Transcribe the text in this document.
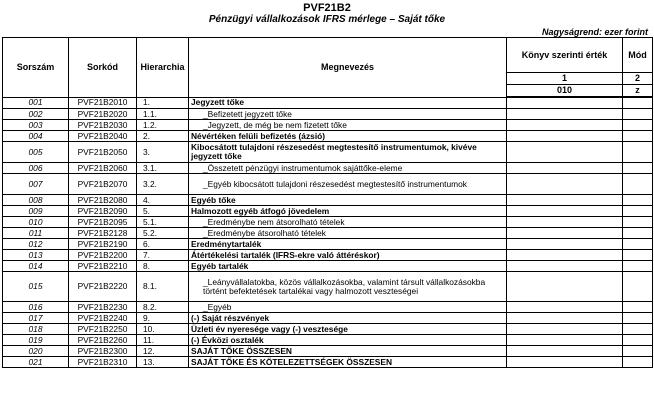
PVF21B2
Pénzügyi vállalkozások IFRS mérlege – Saját tőke
Nagyságrend: ezer forint
Sorszám	Sorkód	Hierarchia	Megnevezés	Könyv szerinti érték	Mód
				1	2
				010	z
001	PVF21B2010	1.	Jegyzett tőke		
002	PVF21B2020	1.1.	_Befizetett jegyzett tőke		
003	PVF21B2030	1.2.	_Jegyzett, de még be nem fizetett tőke		
004	PVF21B2040	2.	Névértéken felüli befizetés (ázsió)		
005	PVF21B2050	3.	Kibocsátott tulajdoni részesedést megtestesítő instrumentumok, kivéve jegyzett tőke		
006	PVF21B2060	3.1.	_Összetett pénzügyi instrumentumok sajáttőke-eleme		
007	PVF21B2070	3.2.	_Egyéb kibocsátott tulajdoni részesedést megtestesítő instrumentumok		
008	PVF21B2080	4.	Egyéb tőke		
009	PVF21B2090	5.	Halmozott egyéb átfogó jövedelem		
010	PVF21B2095	5.1.	_Eredménybe nem átsorolható tételek		
011	PVF21B2128	5.2.	_Eredménybe átsorolható tételek		
012	PVF21B2190	6.	Eredménytartalék		
013	PVF21B2200	7.	Átértékelési tartalék (IFRS-ekre való áttéréskor)		
014	PVF21B2210	8.	Egyéb tartalék		
015	PVF21B2220	8.1.	_Leányvállalatokba, közös vállalkozásokba, valamint társult vállalkozásokba történt befektetések tartalékai vagy halmozott veszteségei		
016	PVF21B2230	8.2.	_Egyéb		
017	PVF21B2240	9.	(-) Saját részvények		
018	PVF21B2250	10.	Üzleti év nyeresége vagy (-) vesztesége		
019	PVF21B2260	11.	(-) Évközi osztalék		
020	PVF21B2300	12.	SAJÁT TŐKE ÖSSZESEN		
021	PVF21B2310	13.	SAJÁT TŐKE ÉS KÖTELEZETTSÉGEK ÖSSZESEN		
